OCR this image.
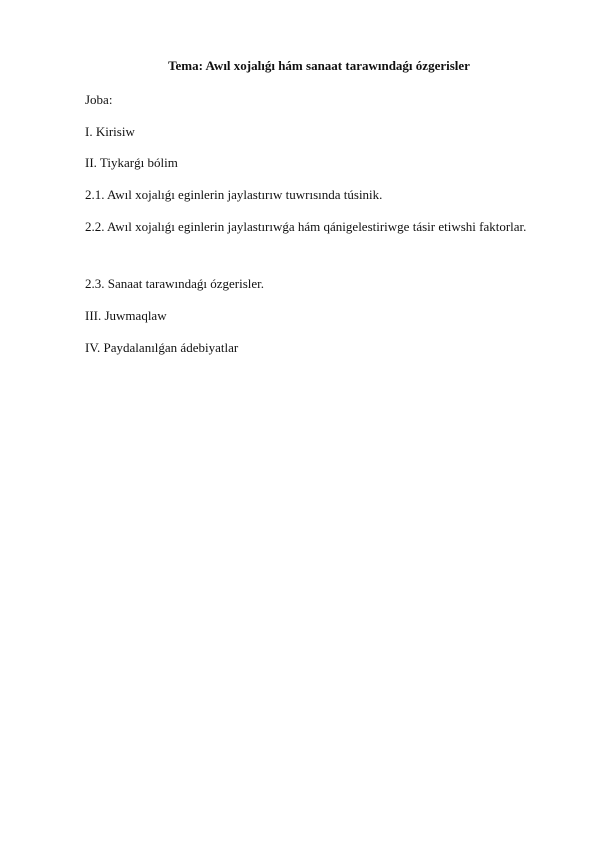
Tema: Awıl xojalıǵı hám sanaat tarawındaǵı ózgerisler
Joba:
I. Kirisiw
II. Tiykarǵı bólim
2.1. Awıl xojalıǵı eginlerin jaylastırıw tuwrısında túsinik.
2.2. Awıl xojalıǵı eginlerin jaylastırıwǵa hám qánigelestiriwge tásir etiwshi faktorlar.
2.3. Sanaat tarawındaǵı ózgerisler.
III. Juwmaqlaw
IV. Paydalanılǵan ádebiyatlar
